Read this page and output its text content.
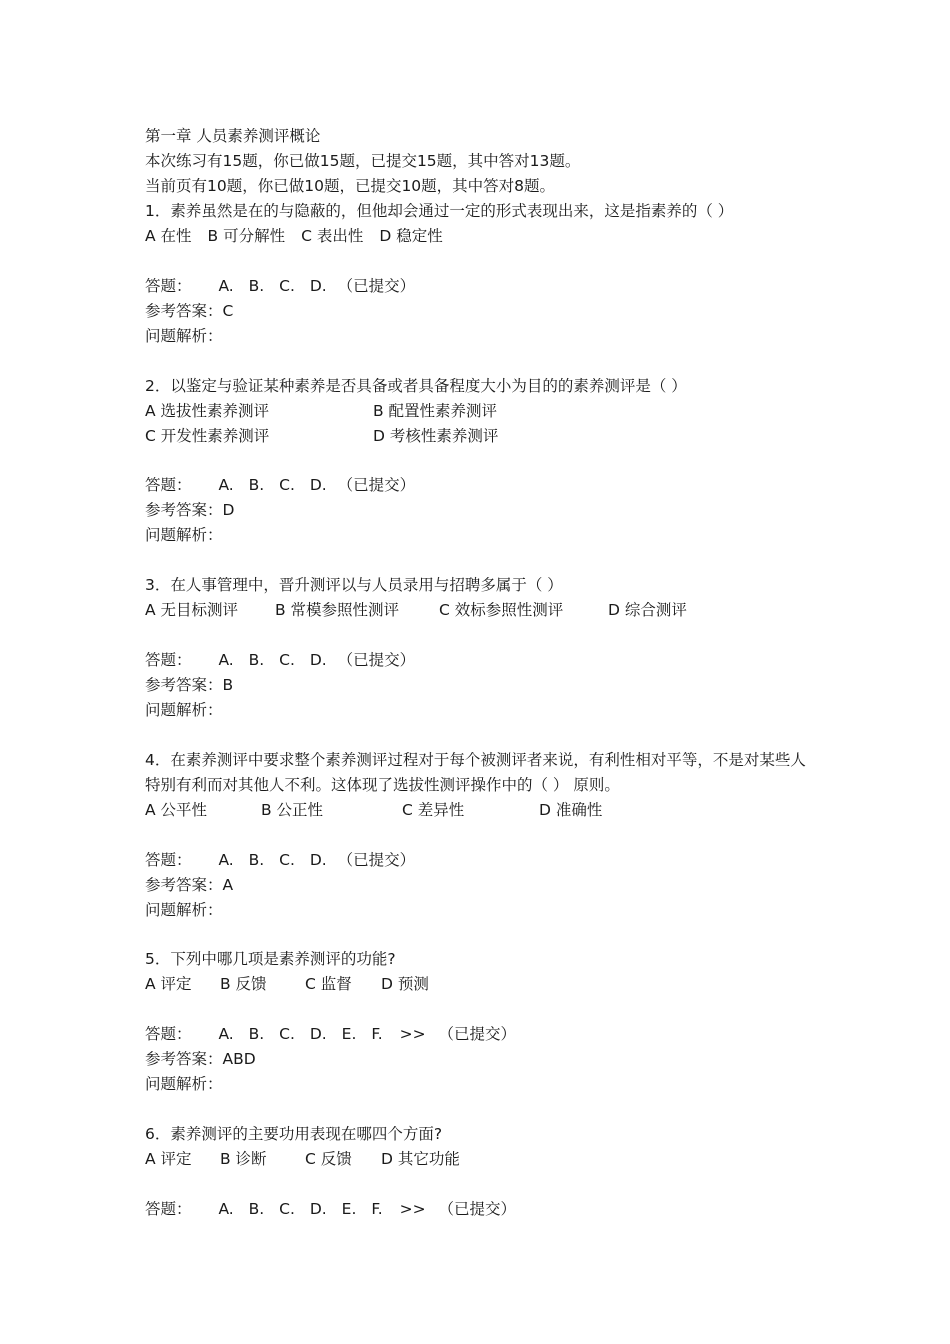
第一章 人员素养测评概论
本次练习有15题，你已做15题，已提交15题，其中答对13题。
当前页有10题，你已做10题，已提交10题，其中答对8题。
1．素养虽然是在的与隐蔽的，但他却会通过一定的形式表现出来，这是指素养的（ ）
A 在性 B 可分解性 C 表出性 D 稳定性
答题： A. B. C. D. （已提交）
参考答案：C
问题解析：
2．以鉴定与验证某种素养是否具备或者具备程度大小为目的的素养测评是（ ）
A 选拔性素养测评	B 配置性素养测评
C 开发性素养测评	D 考核性素养测评
答题： A. B. C. D. （已提交）
参考答案：D
问题解析：
3．在人事管理中，晋升测评以与人员录用与招聘多属于（ ）
A 无目标测评	B 常模参照性测评	C 效标参照性测评	D 综合测评
答题： A. B. C. D. （已提交）
参考答案：B
问题解析：
4．在素养测评中要求整个素养测评过程对于每个被测评者来说，有利性相对平等，不是对某些人特别有利而对其他人不利。这体现了选拔性测评操作中的（ ） 原则。
A 公平性	B 公正性	C 差异性	D 准确性
答题： A. B. C. D. （已提交）
参考答案：A
问题解析：
5．下列中哪几项是素养测评的功能?
A 评定	B 反馈	C 监督	D 预测
答题： A. B. C. D. E. F. >> （已提交）
参考答案：ABD
问题解析：
6．素养测评的主要功用表现在哪四个方面?
A 评定	B 诊断	C 反馈	D 其它功能
答题： A. B. C. D. E. F. >> （已提交）
